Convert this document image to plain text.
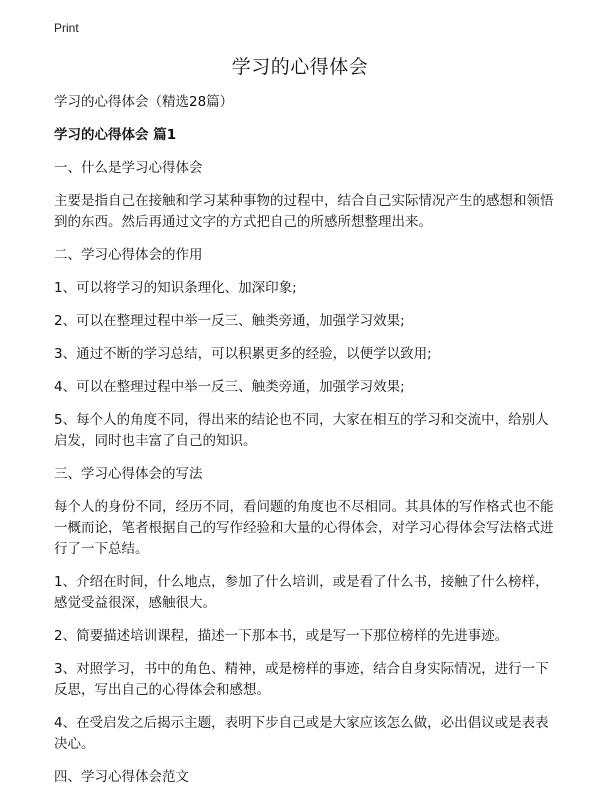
Print
学习的心得体会

学习的心得体会（精选28篇）

学习的心得体会 篇1

一、什么是学习心得体会

主要是指自己在接触和学习某种事物的过程中，结合自己实际情况产生的感想和领悟到的东西。然后再通过文字的方式把自己的所感所想整理出来。

二、学习心得体会的作用

1、可以将学习的知识条理化、加深印象;

2、可以在整理过程中举一反三、触类旁通，加强学习效果;

3、通过不断的学习总结，可以积累更多的经验，以便学以致用;

4、可以在整理过程中举一反三、触类旁通，加强学习效果;

5、每个人的角度不同，得出来的结论也不同，大家在相互的学习和交流中，给别人启发，同时也丰富了自己的知识。

三、学习心得体会的写法

每个人的身份不同，经历不同，看问题的角度也不尽相同。其具体的写作格式也不能一概而论，笔者根据自己的写作经验和大量的心得体会，对学习心得体会写法格式进行了一下总结。

1、介绍在时间，什么地点，参加了什么培训，或是看了什么书，接触了什么榜样，感觉受益很深，感触很大。

2、简要描述培训课程，描述一下那本书，或是写一下那位榜样的先进事迹。

3、对照学习，书中的角色、精神，或是榜样的事迹，结合自身实际情况，进行一下反思，写出自己的心得体会和感想。

4、在受启发之后揭示主题，表明下步自己或是大家应该怎么做，必出倡议或是表表决心。

四、学习心得体会范文
